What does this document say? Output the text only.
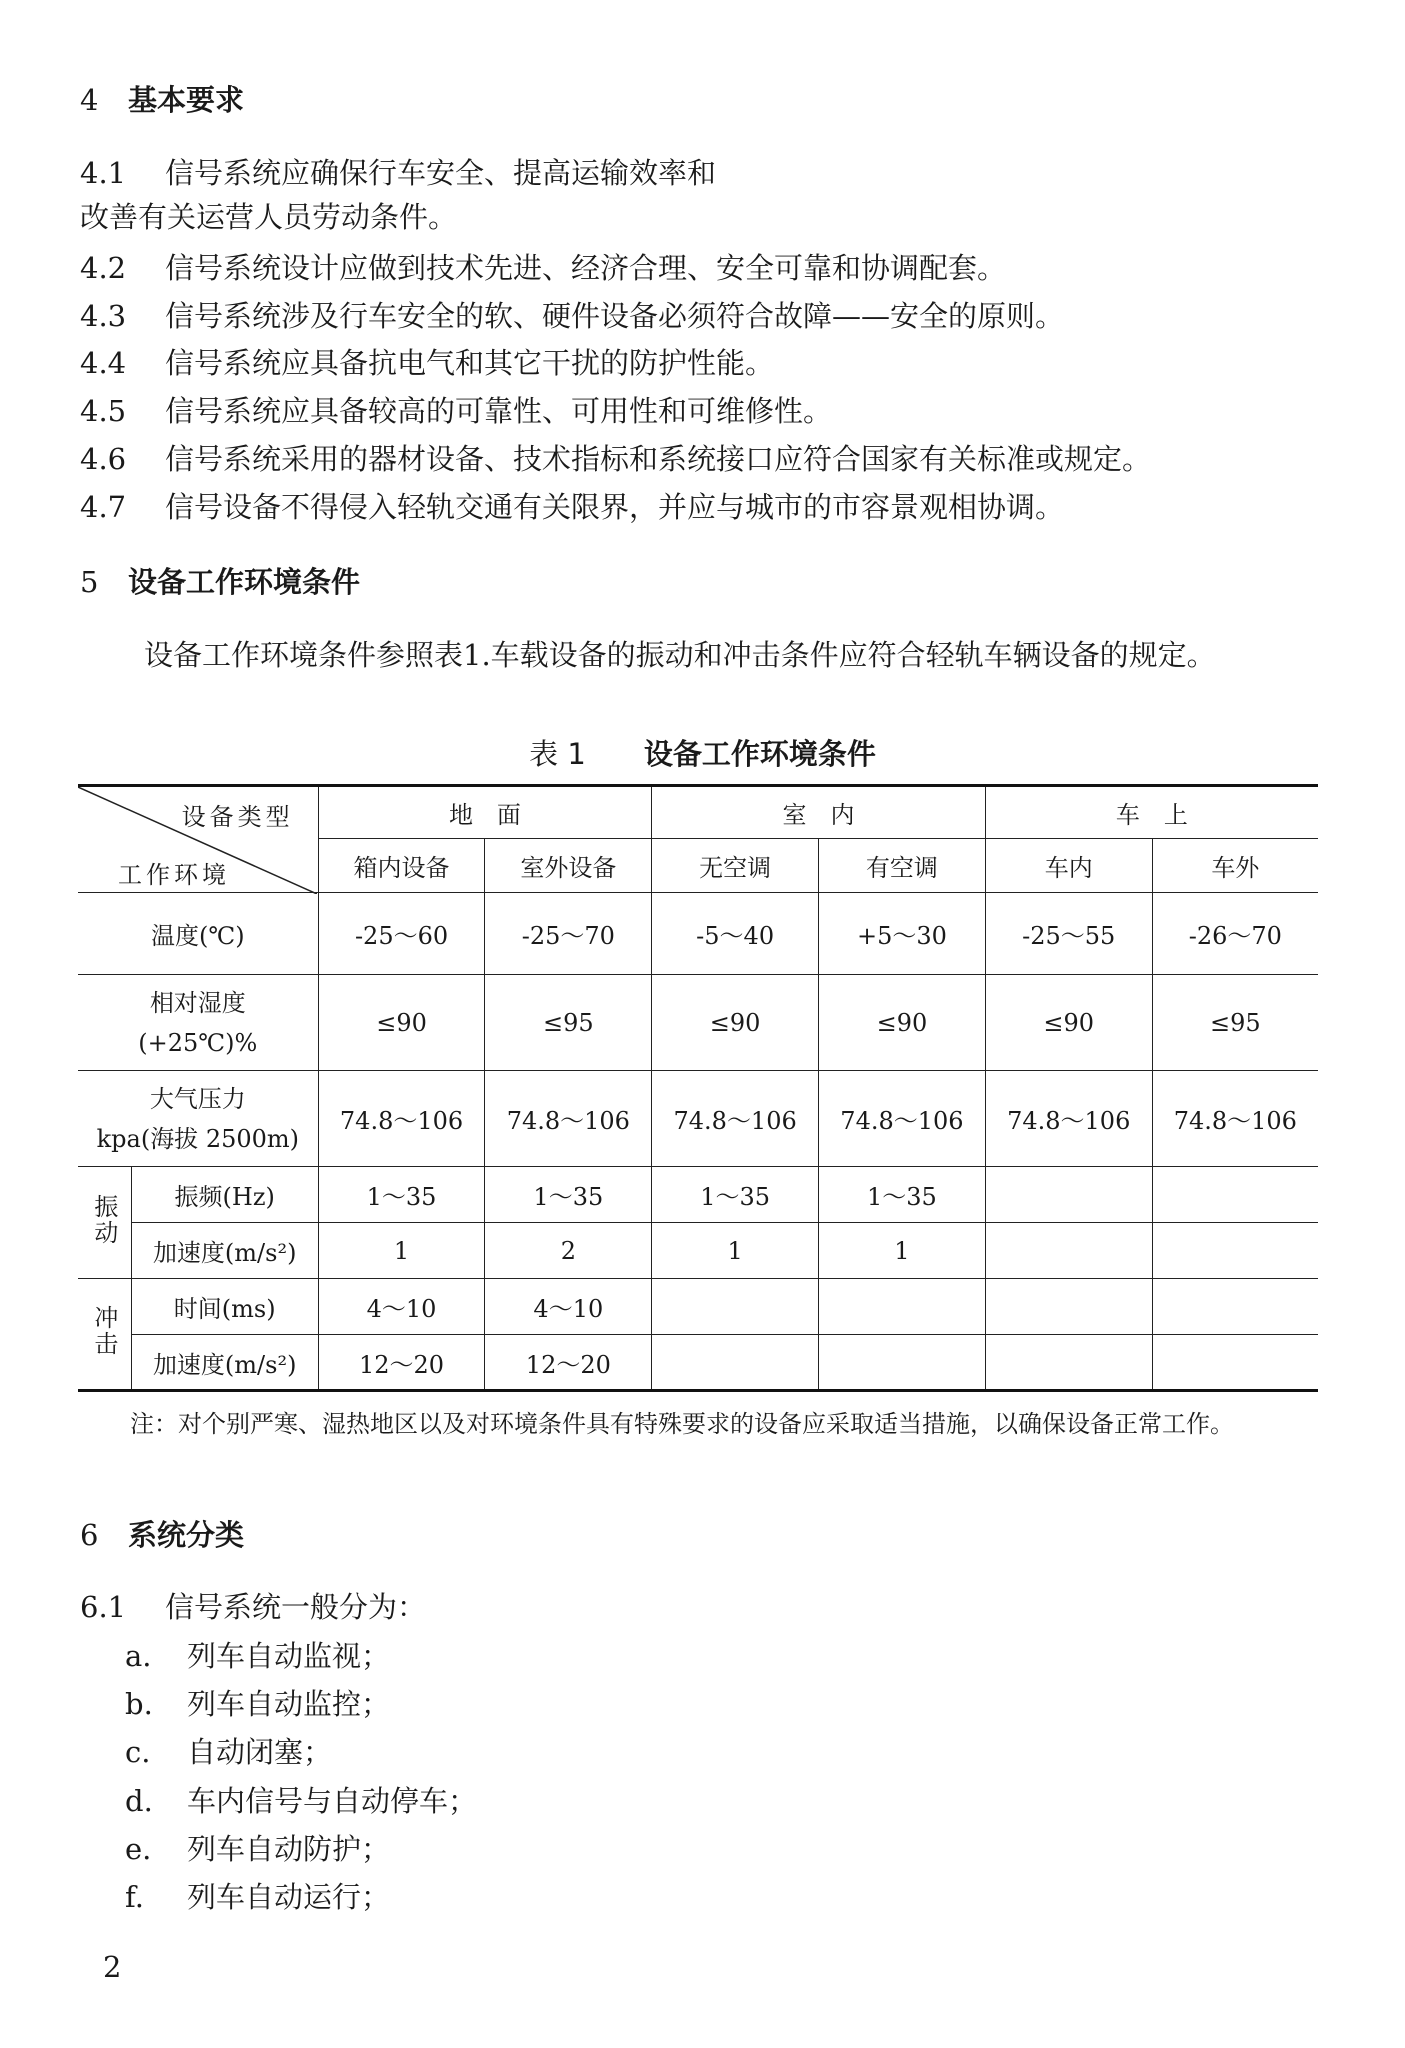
4 基本要求
4.1 信号系统应确保行车安全、提高运输效率和
改善有关运营人员劳动条件。
4.2 信号系统设计应做到技术先进、经济合理、安全可靠和协调配套。
4.3 信号系统涉及行车安全的软、硬件设备必须符合故障——安全的原则。
4.4 信号系统应具备抗电气和其它干扰的防护性能。
4.5 信号系统应具备较高的可靠性、可用性和可维修性。
4.6 信号系统采用的器材设备、技术指标和系统接口应符合国家有关标准或规定。
4.7 信号设备不得侵入轻轨交通有关限界，并应与城市的市容景观相协调。
5 设备工作环境条件
设备工作环境条件参照表1.车载设备的振动和冲击条件应符合轻轨车辆设备的规定。
表 1 设备工作环境条件
设备类型
工作环境		地　面		室　内		车　上	
		箱内设备	室外设备	无空调	有空调	车内	车外
温度(℃)		-25～60	-25～70	-5～40	+5～30	-25～55	-26～70

相对湿度
(+25℃)%		≤90	≤95	≤90	≤90	≤90	≤95

大气压力
kpa(海拔 2500m)		74.8～106	74.8～106	74.8～106	74.8～106	74.8～106	74.8～106
振动	振频(Hz)	1～35	1～35	1～35	1～35		
	加速度(m/s²)	1	2	1	1		
冲击	时间(ms)	4～10	4～10				
	加速度(m/s²)	12～20	12～20				
注：对个别严寒、湿热地区以及对环境条件具有特殊要求的设备应采取适当措施，以确保设备正常工作。
6 系统分类
6.1 信号系统一般分为：
a. 列车自动监视；
b. 列车自动监控；
c. 自动闭塞；
d. 车内信号与自动停车；
e. 列车自动防护；
f. 列车自动运行；
2
